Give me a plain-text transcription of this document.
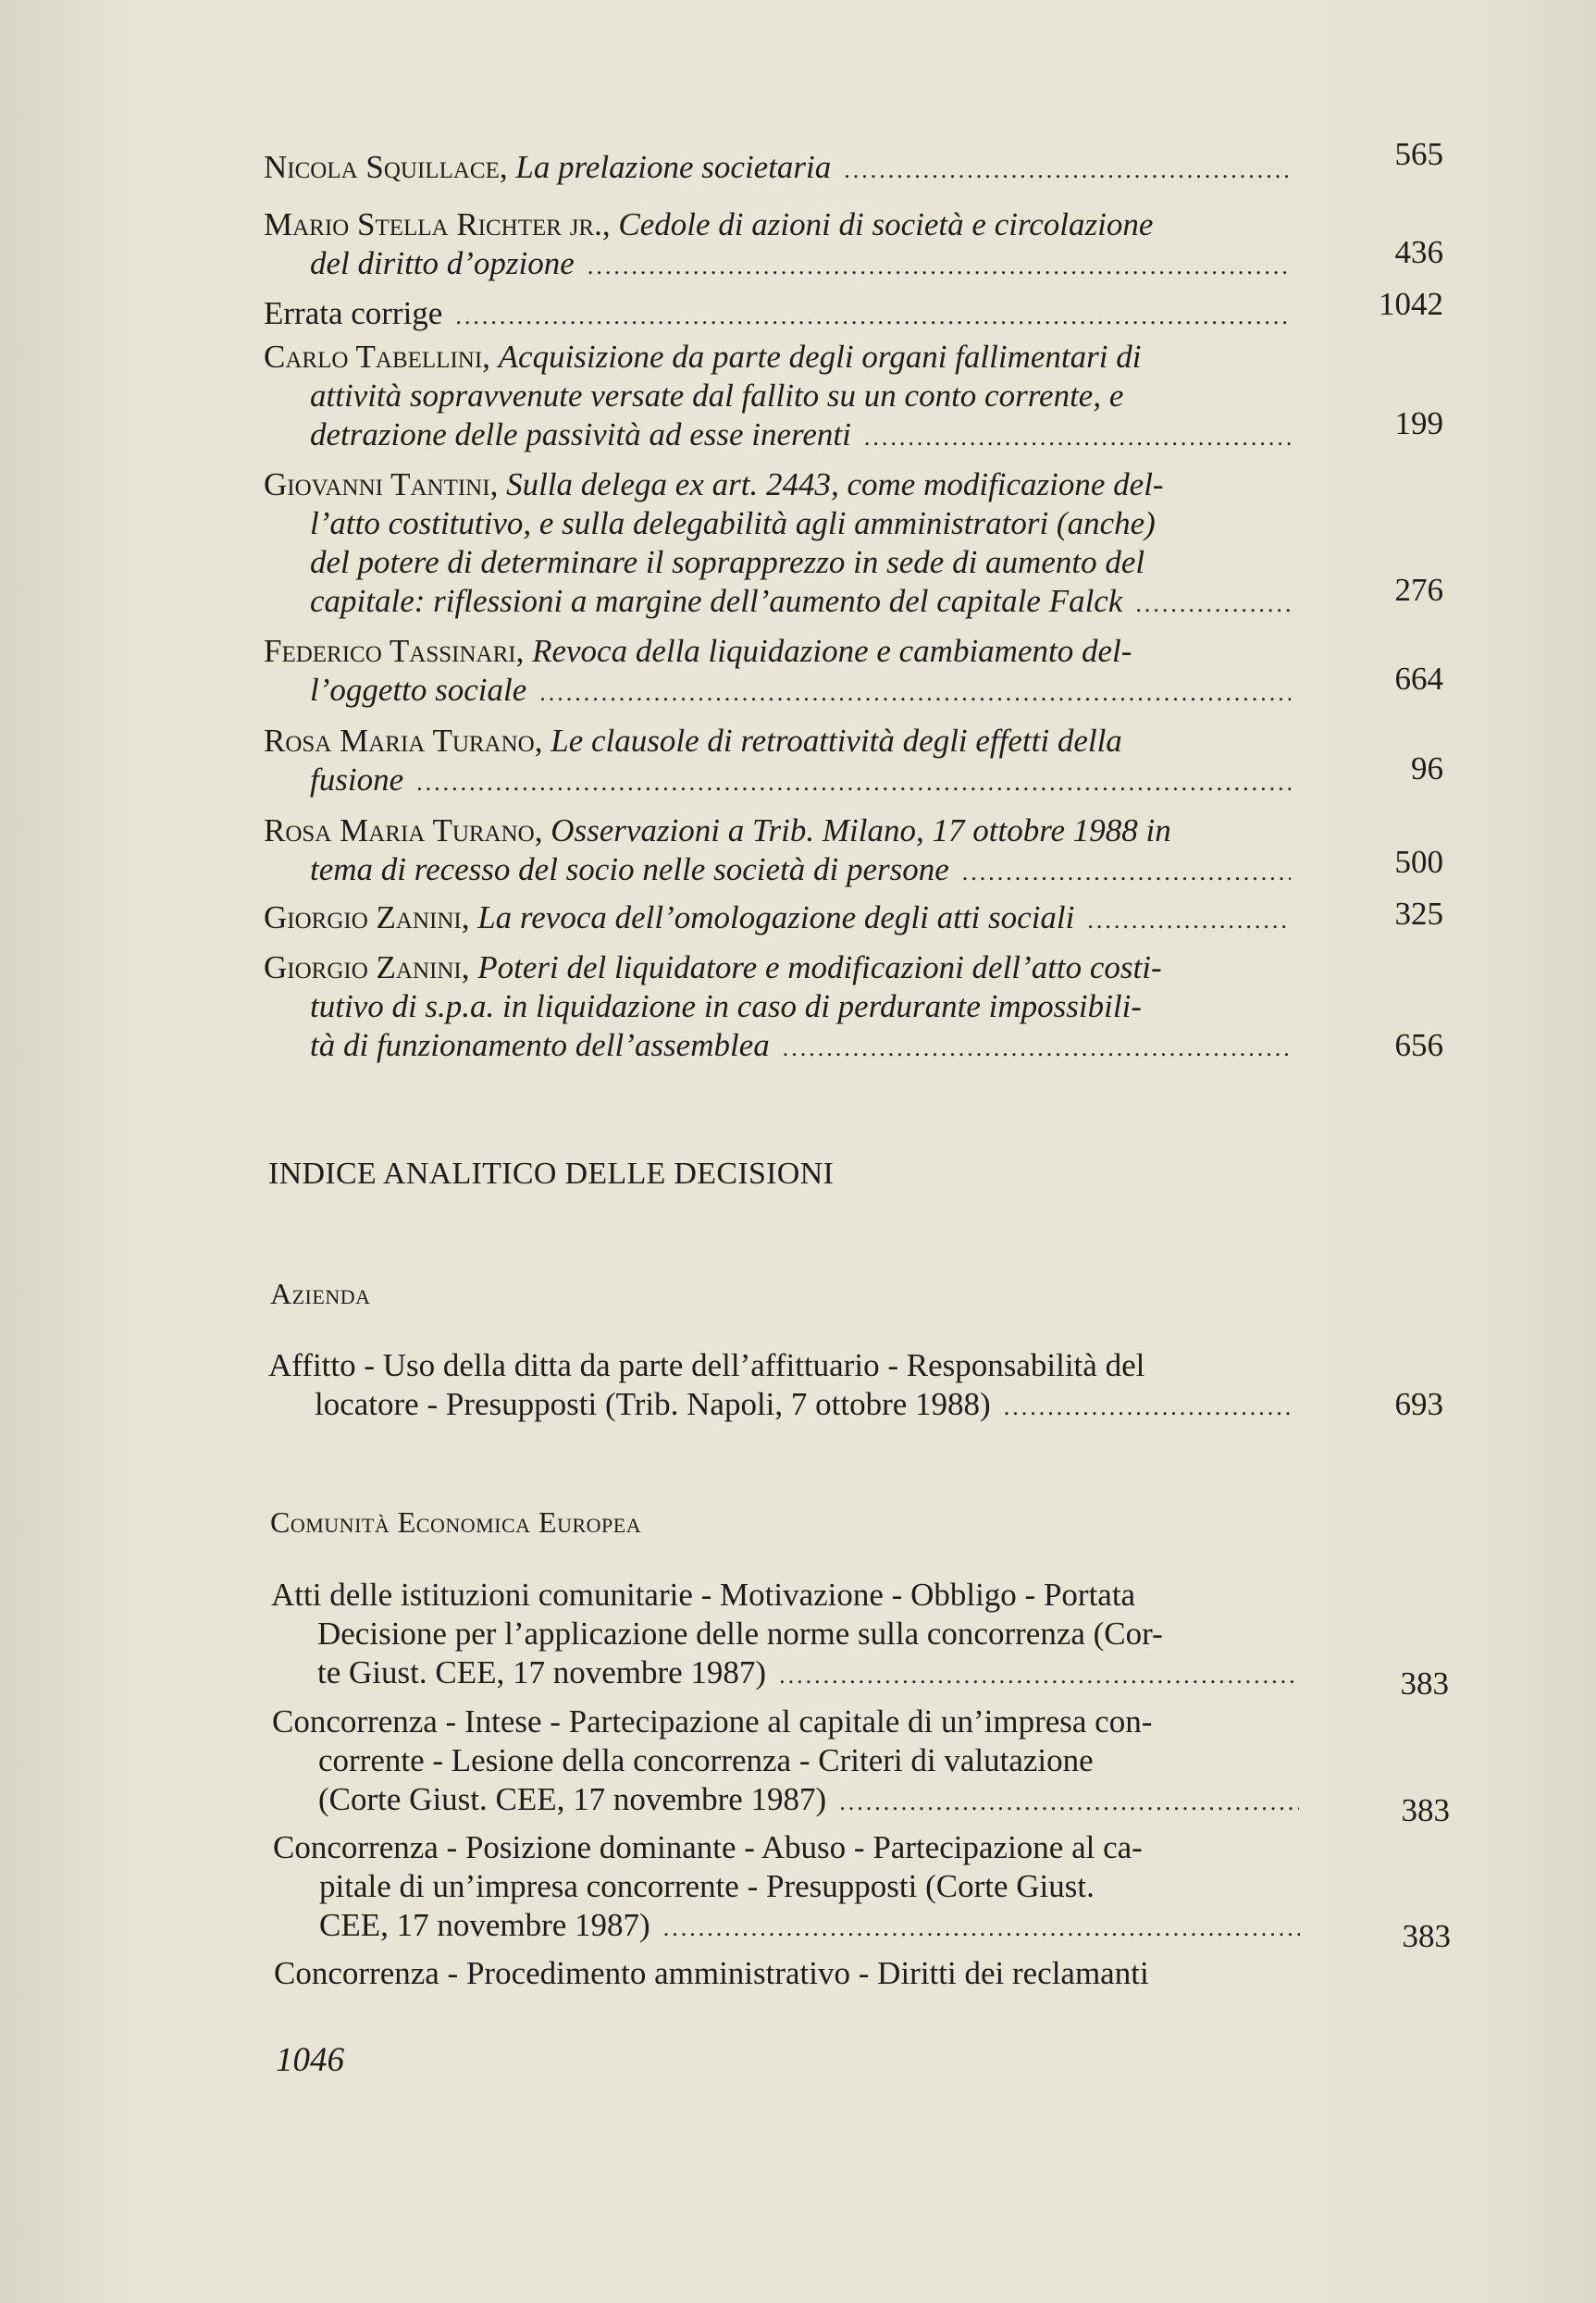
Nicola Squillace, La prelazione societaria .....	565
Mario Stella Richter jr., Cedole di azioni di società e circolazione
del diritto d’opzione .....	436
Errata corrige .....	1042
Carlo Tabellini, Acquisizione da parte degli organi fallimentari di
attività sopravvenute versate dal fallito su un conto corrente, e
detrazione delle passività ad esse inerenti .....	199
Giovanni Tantini, Sulla delega ex art. 2443, come modificazione del-
l’atto costitutivo, e sulla delegabilità agli amministratori (anche)
del potere di determinare il soprapprezzo in sede di aumento del
capitale: riflessioni a margine dell’aumento del capitale Falck .....	276
Federico Tassinari, Revoca della liquidazione e cambiamento del-
l’oggetto sociale .....	664
Rosa Maria Turano, Le clausole di retroattività degli effetti della
fusione .....	96
Rosa Maria Turano, Osservazioni a Trib. Milano, 17 ottobre 1988 in
tema di recesso del socio nelle società di persone .....	500
Giorgio Zanini, La revoca dell’omologazione degli atti sociali .....	325
Giorgio Zanini, Poteri del liquidatore e modificazioni dell’atto costi-
tutivo di s.p.a. in liquidazione in caso di perdurante impossibili-
tà di funzionamento dell’assemblea .....	656
INDICE ANALITICO DELLE DECISIONI
Azienda
Affitto - Uso della ditta da parte dell’affittuario - Responsabilità del
locatore - Presupposti (Trib. Napoli, 7 ottobre 1988) .....	693
Comunità Economica Europea
Atti delle istituzioni comunitarie - Motivazione - Obbligo - Portata
Decisione per l’applicazione delle norme sulla concorrenza (Cor-
te Giust. CEE, 17 novembre 1987) .....	383
Concorrenza - Intese - Partecipazione al capitale di un’impresa con-
corrente - Lesione della concorrenza - Criteri di valutazione
(Corte Giust. CEE, 17 novembre 1987) .....	383
Concorrenza - Posizione dominante - Abuso - Partecipazione al ca-
pitale di un’impresa concorrente - Presupposti (Corte Giust.
CEE, 17 novembre 1987) .....	383
Concorrenza - Procedimento amministrativo - Diritti dei reclamanti
1046
